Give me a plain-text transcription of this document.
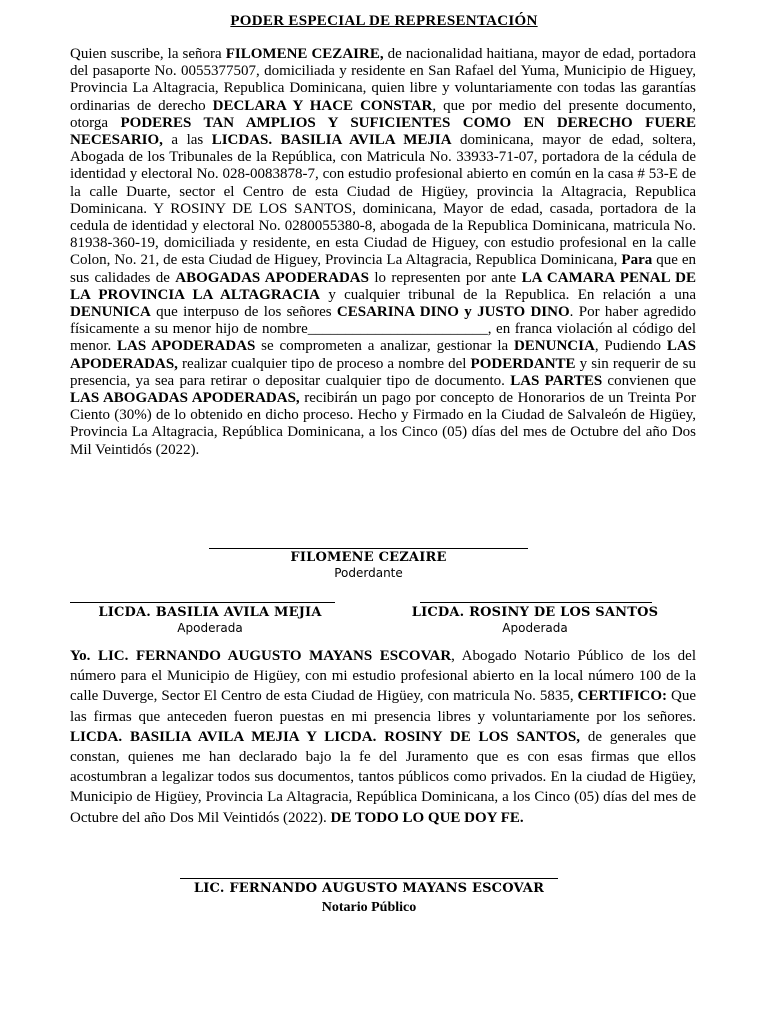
PODER ESPECIAL DE REPRESENTACIÓN

Quien suscribe, la señora FILOMENE CEZAIRE, de nacionalidad haitiana, mayor de edad, portadora del pasaporte No. 0055377507, domiciliada y residente en San Rafael del Yuma, Municipio de Higuey, Provincia La Altagracia, Republica Dominicana, quien libre y voluntariamente con todas las garantías ordinarias de derecho DECLARA Y HACE CONSTAR, que por medio del presente documento, otorga PODERES TAN AMPLIOS Y SUFICIENTES COMO EN DERECHO FUERE NECESARIO, a las LICDAS. BASILIA AVILA MEJIA dominicana, mayor de edad, soltera, Abogada de los Tribunales de la República, con Matricula No. 33933-71-07, portadora de la cédula de identidad y electoral No. 028-0083878-7, con estudio profesional abierto en común en la casa # 53-E de la calle Duarte, sector el Centro de esta Ciudad de Higüey, provincia la Altagracia, Republica Dominicana. Y ROSINY DE LOS SANTOS, dominicana, Mayor de edad, casada, portadora de la cedula de identidad y electoral No. 0280055380-8, abogada de la Republica Dominicana, matricula No. 81938-360-19, domiciliada y residente, en esta Ciudad de Higuey, con estudio profesional en la calle Colon, No. 21, de esta Ciudad de Higuey, Provincia La Altagracia, Republica Dominicana, Para que en sus calidades de ABOGADAS APODERADAS lo representen por ante LA CAMARA PENAL DE LA PROVINCIA LA ALTAGRACIA y cualquier tribunal de la Republica. En relación a una DENUNICA que interpuso de los señores CESARINA DINO y JUSTO DINO. Por haber agredido físicamente a su menor hijo de nombre________________________, en franca violación al código del menor. LAS APODERADAS se comprometen a analizar, gestionar la DENUNCIA, Pudiendo LAS APODERADAS, realizar cualquier tipo de proceso a nombre del PODERDANTE y sin requerir de su presencia, ya sea para retirar o depositar cualquier tipo de documento. LAS PARTES convienen que LAS ABOGADAS APODERADAS, recibirán un pago por concepto de Honorarios de un Treinta Por Ciento (30%) de lo obtenido en dicho proceso. Hecho y Firmado en la Ciudad de Salvaleón de Higüey, Provincia La Altagracia, República Dominicana, a los Cinco (05) días del mes de Octubre del año Dos Mil Veintidós (2022).

FILOMENE CEZAIRE
Poderdante
LICDA. BASILIA AVILA MEJIA
Apoderada
LICDA. ROSINY DE LOS SANTOS
Apoderada

Yo. LIC. FERNANDO AUGUSTO MAYANS ESCOVAR, Abogado Notario Público de los del número para el Municipio de Higüey, con mi estudio profesional abierto en la local número 100 de la calle Duverge, Sector El Centro de esta Ciudad de Higüey, con matricula No. 5835, CERTIFICO: Que las firmas que anteceden fueron puestas en mi presencia libres y voluntariamente por los señores. LICDA. BASILIA AVILA MEJIA Y LICDA. ROSINY DE LOS SANTOS, de generales que constan, quienes me han declarado bajo la fe del Juramento que es con esas firmas que ellos acostumbran a legalizar todos sus documentos, tantos públicos como privados. En la ciudad de Higüey, Municipio de Higüey, Provincia La Altagracia, República Dominicana, a los Cinco (05) días del mes de Octubre del año Dos Mil Veintidós (2022). DE TODO LO QUE DOY FE.

LIC. FERNANDO AUGUSTO MAYANS ESCOVAR
Notario Público
